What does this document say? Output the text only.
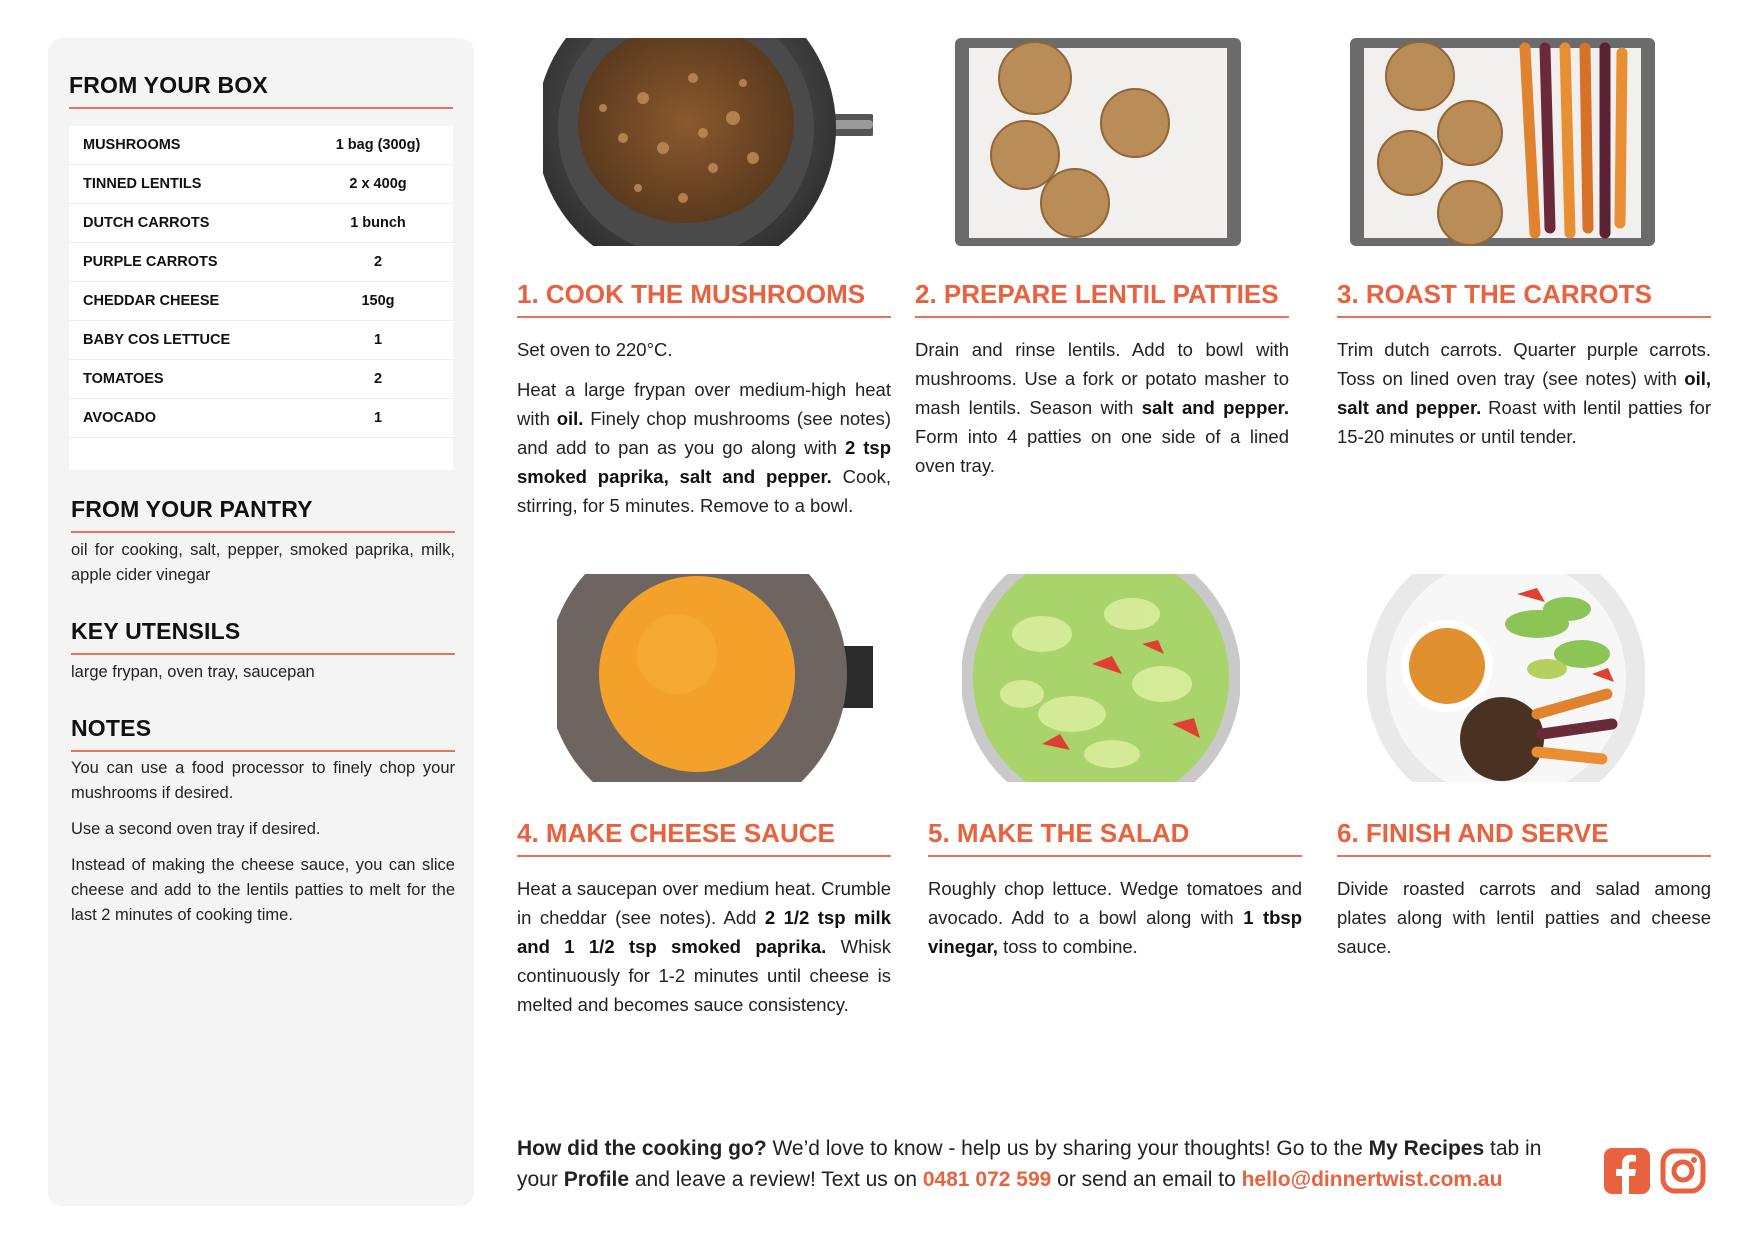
FROM YOUR BOX
MUSHROOMS	1 bag (300g)
TINNED LENTILS	2 x 400g
DUTCH CARROTS	1 bunch
PURPLE CARROTS	2
CHEDDAR CHEESE	150g
BABY COS LETTUCE	1
TOMATOES	2
AVOCADO	1
FROM YOUR PANTRY

oil for cooking, salt, pepper, smoked paprika, milk, apple cider vinegar

KEY UTENSILS

large frypan, oven tray, saucepan

NOTES

You can use a food processor to finely chop your mushrooms if desired.

Use a second oven tray if desired.

Instead of making the cheese sauce, you can slice cheese and add to the lentils patties to melt for the last 2 minutes of cooking time.

1. COOK THE MUSHROOMS	2. PREPARE LENTIL PATTIES	3. ROAST THE CARROTS
4. MAKE CHEESE SAUCE	5. MAKE THE SALAD	6. FINISH AND SERVE

Set oven to 220°C.

Heat a large frypan over medium-high heat with oil. Finely chop mushrooms (see notes) and add to pan as you go along with 2 tsp smoked paprika, salt and pepper. Cook, stirring, for 5 minutes. Remove to a bowl.

Drain and rinse lentils. Add to bowl with mushrooms. Use a fork or potato masher to mash lentils. Season with salt and pepper. Form into 4 patties on one side of a lined oven tray.

Trim dutch carrots. Quarter purple carrots. Toss on lined oven tray (see notes) with oil, salt and pepper. Roast with lentil patties for 15-20 minutes or until tender.

Heat a saucepan over medium heat. Crumble in cheddar (see notes). Add 2 1/2 tsp milk and 1 1/2 tsp smoked paprika. Whisk continuously for 1-2 minutes until cheese is melted and becomes sauce consistency.

Roughly chop lettuce. Wedge tomatoes and avocado. Add to a bowl along with 1 tbsp vinegar, toss to combine.

Divide roasted carrots and salad among plates along with lentil patties and cheese sauce.

How did the cooking go? We’d love to know - help us by sharing your thoughts! Go to the My Recipes tab in your Profile and leave a review! Text us on 0481 072 599 or send an email to hello@dinnertwist.com.au
